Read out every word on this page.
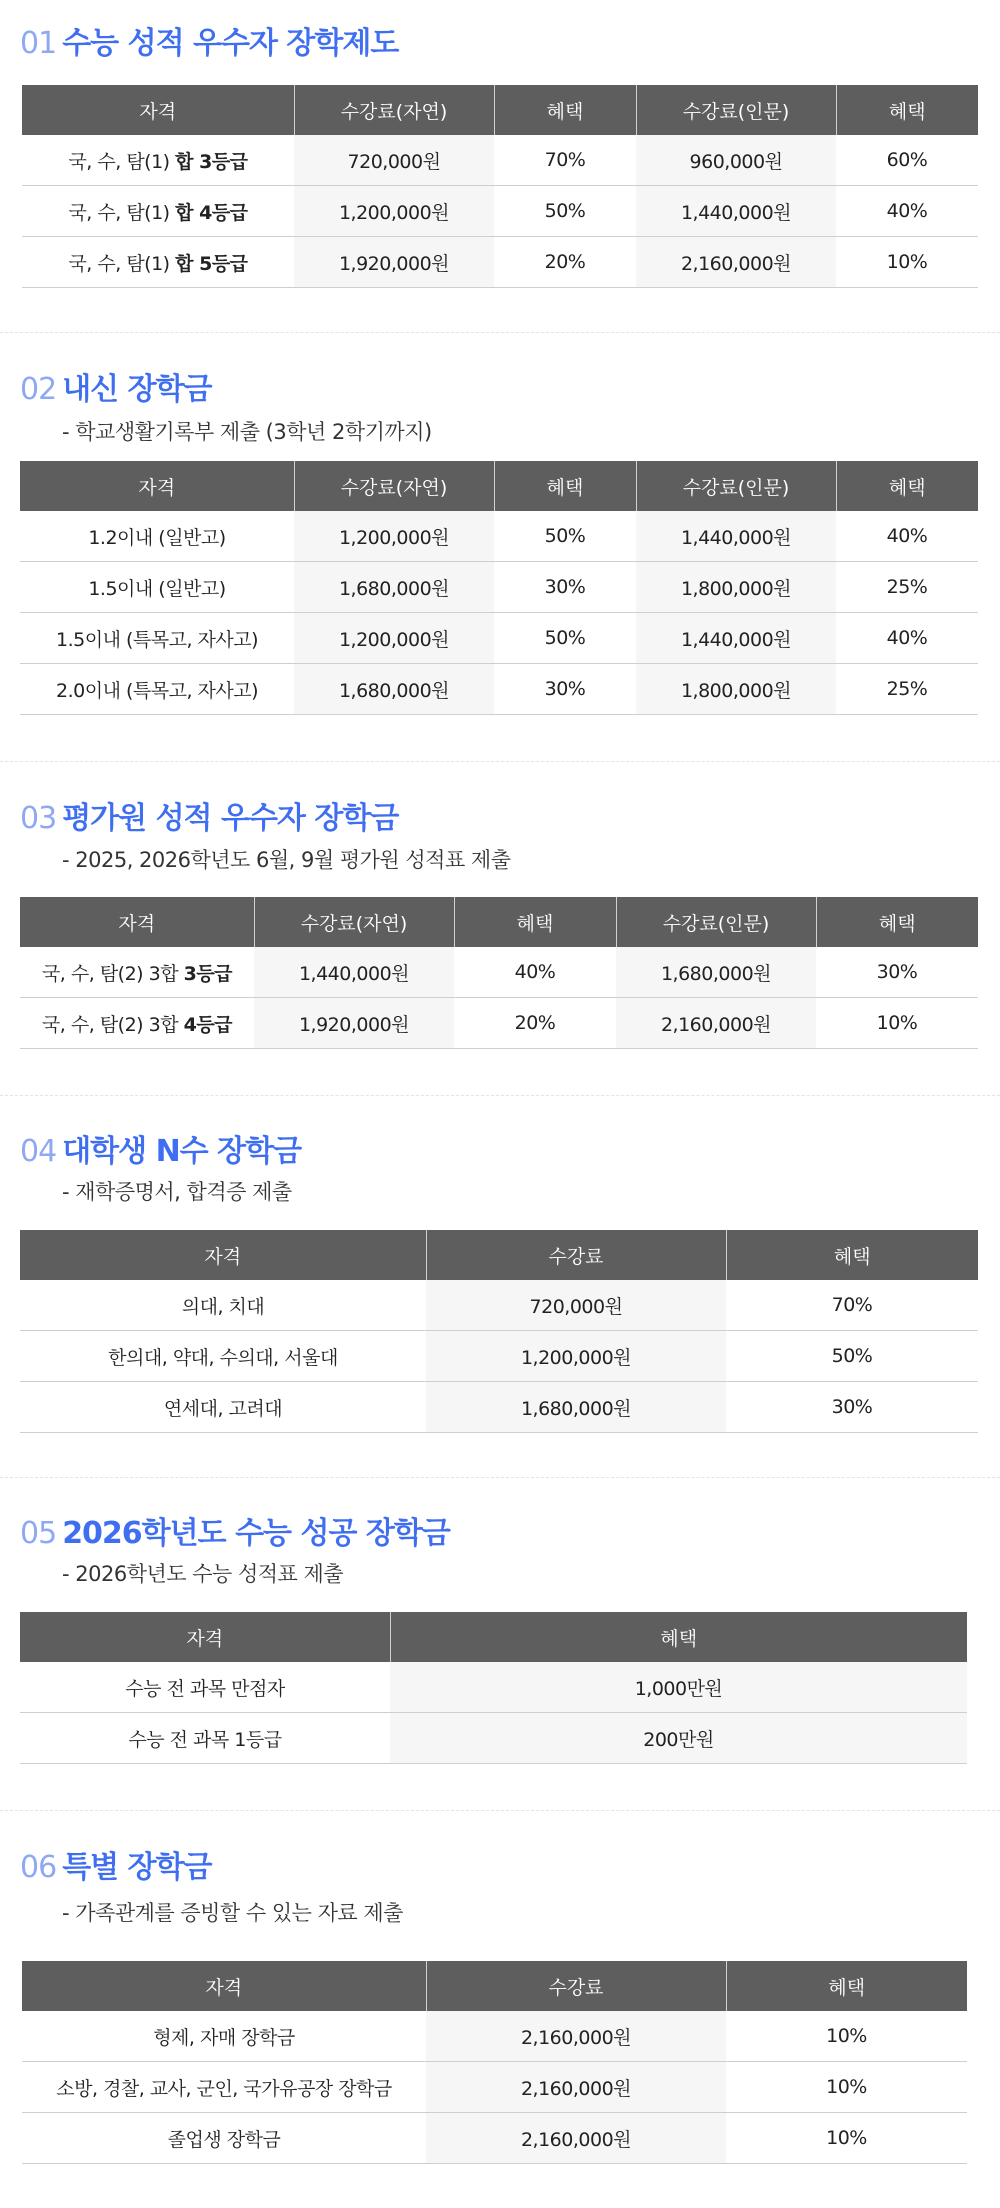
01 수능 성적 우수자 장학제도
자격	수강료(자연)	혜택	수강료(인문)	혜택
국, 수, 탐(1) 합 3등급	720,000원	70%	960,000원	60%
국, 수, 탐(1) 합 4등급	1,200,000원	50%	1,440,000원	40%
국, 수, 탐(1) 합 5등급	1,920,000원	20%	2,160,000원	10%
02 내신 장학금
- 학교생활기록부 제출 (3학년 2학기까지)
자격	수강료(자연)	혜택	수강료(인문)	혜택
1.2이내 (일반고)	1,200,000원	50%	1,440,000원	40%
1.5이내 (일반고)	1,680,000원	30%	1,800,000원	25%
1.5이내 (특목고, 자사고)	1,200,000원	50%	1,440,000원	40%
2.0이내 (특목고, 자사고)	1,680,000원	30%	1,800,000원	25%
03 평가원 성적 우수자 장학금
자격	수강료(자연)	혜택	수강료(인문)	혜택
국, 수, 탐(2) 3합 3등급	1,440,000원	40%	1,680,000원	30%
국, 수, 탐(2) 3합 4등급	1,920,000원	20%	2,160,000원	10%
- 2025, 2026학년도 6월, 9월 평가원 성적표 제출
04 대학생 N수 장학금
자격	수강료	혜택
의대, 치대	720,000원	70%
한의대, 약대, 수의대, 서울대	1,200,000원	50%
연세대, 고려대	1,680,000원	30%
- 재학증명서, 합격증 제출
05 2026학년도 수능 성공 장학금
자격	혜택
수능 전 과목 만점자	1,000만원
수능 전 과목 1등급	200만원
- 2026학년도 수능 성적표 제출
06 특별 장학금
자격	수강료	혜택
형제, 자매 장학금	2,160,000원	10%
소방, 경찰, 교사, 군인, 국가유공장 장학금	2,160,000원	10%
졸업생 장학금	2,160,000원	10%
- 가족관계를 증빙할 수 있는 자료 제출
